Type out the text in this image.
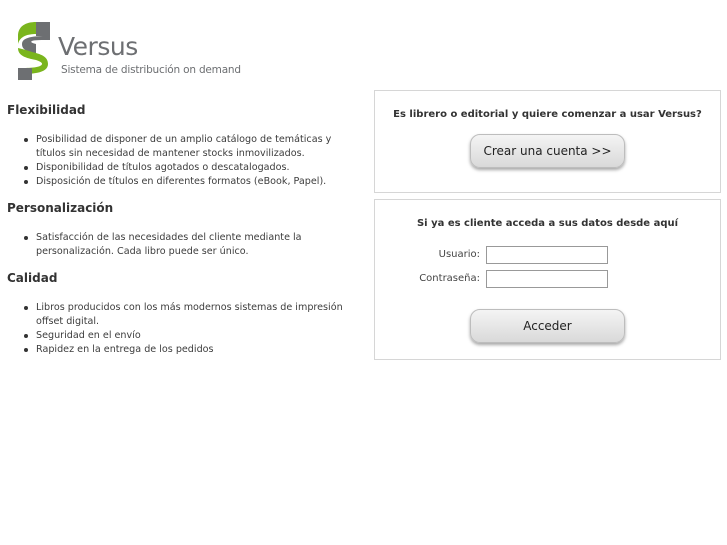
Versus
Sistema de distribución on demand
Flexibilidad
Posibilidad de disponer de un amplio catálogo de temáticas y títulos sin necesidad de mantener stocks inmovilizados.
Disponibilidad de títulos agotados o descatalogados.
Disposición de títulos en diferentes formatos (eBook, Papel).
Personalización
Satisfacción de las necesidades del cliente mediante la personalización. Cada libro puede ser único.
Calidad
Libros producidos con los más modernos sistemas de impresión offset digital.
Seguridad en el envío
Rapidez en la entrega de los pedidos
Es librero o editorial y quiere comenzar a usar Versus?
Crear una cuenta >>
Si ya es cliente acceda a sus datos desde aquí
Usuario:
Contraseña:
Acceder
